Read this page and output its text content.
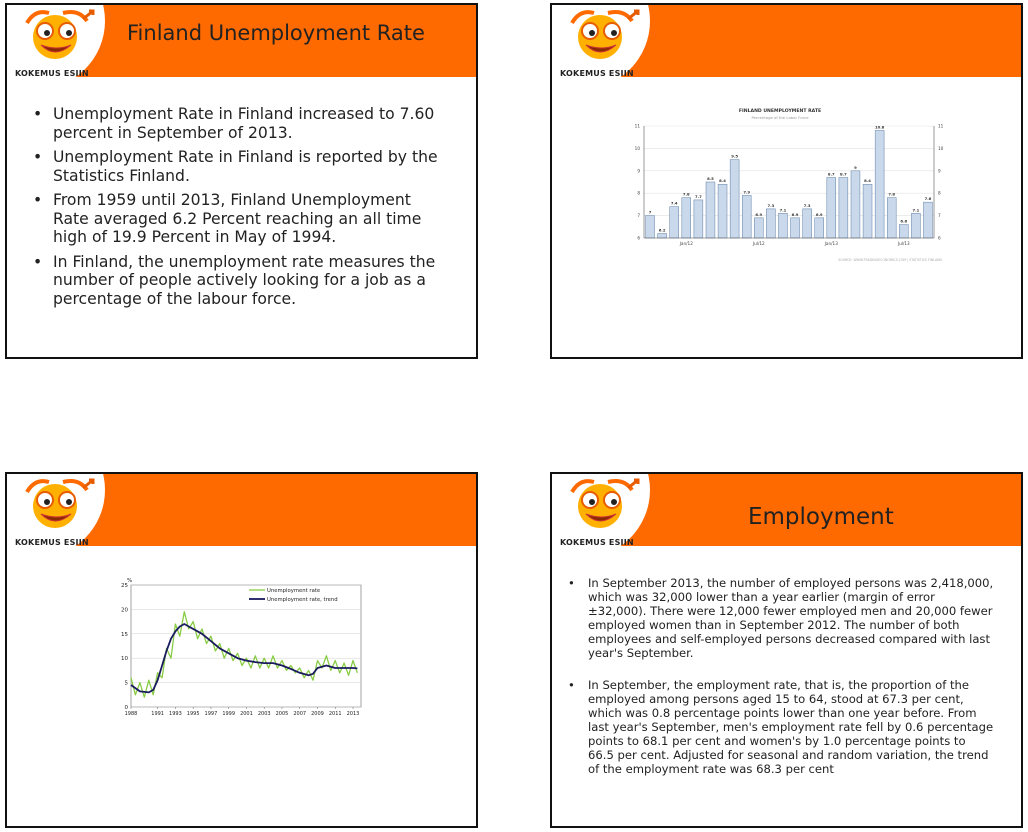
KOKEMUS ESIIN
Finland Unemployment Rate
• Unemployment Rate in Finland increased to 7.60 percent in September of 2013.
• Unemployment Rate in Finland is reported by the Statistics Finland.
• From 1959 until 2013, Finland Unemployment Rate averaged 6.2 Percent reaching an all time high of 19.9 Percent in May of 1994.
• In Finland, the unemployment rate measures the number of people actively looking for a job as a percentage of the labour force.
KOKEMUS ESIIN
FINLAND UNEMPLOYMENT RATE
Percentage of the Labor Force
7
6.2
7.4
7.8 7.7
8.5 8.4
9.5
7.9
6.9
7.3
7.1
6.9
7.3
6.9
8.7 8.7
9
8.4
10.8
7.8
6.6
7.1
7.6
6	6
7	7
8	8
9	9
10	10
11	11
Jan/12	Jul/12	Jan/13	Jul/13
SOURCE: WWW.TRADINGECONOMICS.COM | STATISTICS FINLAND
KOKEMUS ESIIN
%
0
5
10
15
20
25
1988	1991 1993 1995 1997 1999 2001 2003 2005 2007 2009 2011 2013
Unemployment rate
Unemployment rate, trend
KOKEMUS ESIIN
Employment
• In September 2013, the number of employed persons was 2,418,000, which was 32,000 lower than a year earlier (margin of error ±32,000). There were 12,000 fewer employed men and 20,000 fewer employed women than in September 2012. The number of both employees and self-employed persons decreased compared with last year's September.
• In September, the employment rate, that is, the proportion of the employed among persons aged 15 to 64, stood at 67.3 per cent, which was 0.8 percentage points lower than one year before. From last year's September, men's employment rate fell by 0.6 percentage points to 68.1 per cent and women's by 1.0 percentage points to 66.5 per cent. Adjusted for seasonal and random variation, the trend of the employment rate was 68.3 per cent
